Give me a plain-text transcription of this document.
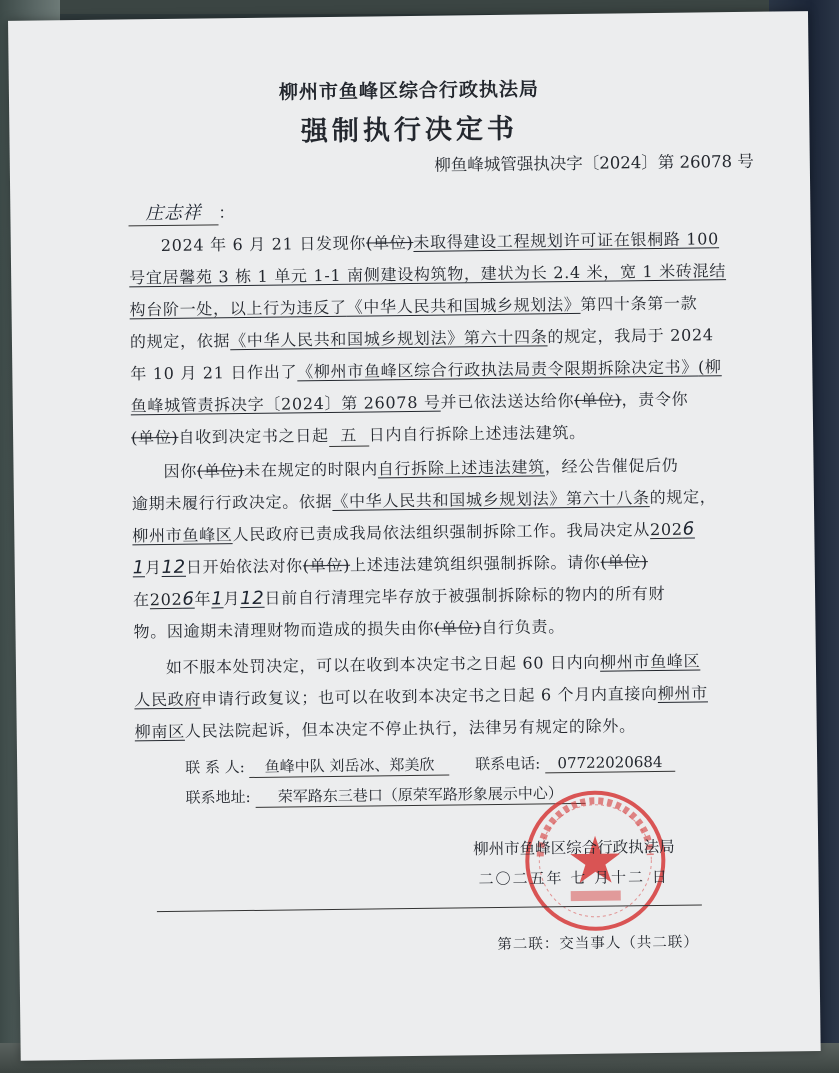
柳州市鱼峰区综合行政执法局
强制执行决定书
柳鱼峰城管强执决字〔2024〕第 26078 号
庄志祥 ：
2024 年 6 月 21 日发现你(单位)未取得建设工程规划许可证在银桐路 100
号宜居馨苑 3 栋 1 单元 1-1 南侧建设构筑物，建状为长 2.4 米，宽 1 米砖混结
构台阶一处，以上行为违反了《中华人民共和国城乡规划法》第四十条第一款
的规定，依据《中华人民共和国城乡规划法》第六十四条的规定，我局于 2024
年 10 月 21 日作出了《柳州市鱼峰区综合行政执法局责令限期拆除决定书》(柳
鱼峰城管责拆决字〔2024〕第 26078 号并已依法送达给你(单位)，责令你
(单位)自收到决定书之日起 五 日内自行拆除上述违法建筑。
因你(单位)未在规定的时限内自行拆除上述违法建筑，经公告催促后仍
逾期未履行行政决定。依据《中华人民共和国城乡规划法》第六十八条的规定，
柳州市鱼峰区人民政府已责成我局依法组织强制拆除工作。我局决定从2026
1月12日开始依法对你(单位)上述违法建筑组织强制拆除。请你(单位)
在2026年1月12日前自行清理完毕存放于被强制拆除标的物内的所有财
物。因逾期未清理财物而造成的损失由你(单位)自行负责。
如不服本处罚决定，可以在收到本决定书之日起 60 日内向柳州市鱼峰区
人民政府申请行政复议；也可以在收到本决定书之日起 6 个月内直接向柳州市
柳南区人民法院起诉，但本决定不停止执行，法律另有规定的除外。
联 系 人: 鱼峰中队 刘岳冰、郑美欣	联系电话: 07722020684
联系地址: 荣军路东三巷口（原荣军路形象展示中心）
柳州市鱼峰区综合行政执法局
二〇二五年 七 月十二 日
第二联：交当事人（共二联）
